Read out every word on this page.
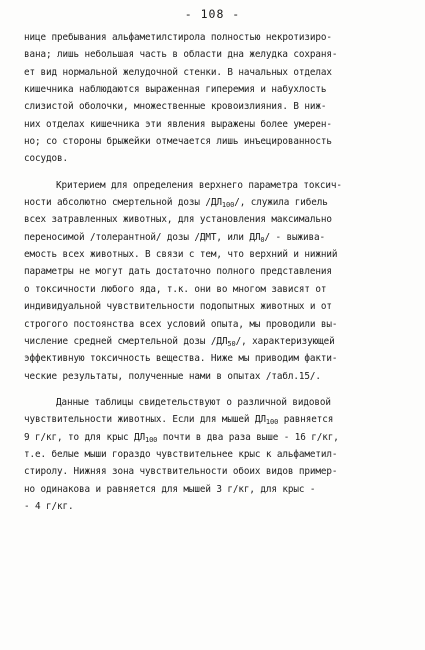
- 108 -
нице пребывания альфаметилстирола полностью некротизиро-
вана; лишь небольшая часть в области дна желудка сохраня-
ет вид нормальной желудочной стенки. В начальных отделах
кишечника наблюдаются выраженная гиперемия и набухлость
слизистой оболочки, множественные кровоизлияния. В ниж-
них отделах кишечника эти явления выражены более умерен-
но; со стороны брыжейки отмечается лишь инъецированность
сосудов.
Критерием для определения верхнего параметра токсич-
ности абсолютно смертельной дозы $/ДЛ_{100}/$, служила гибель
всех затравленных животных, для установления максимально
переносимой /толерантной/ дозы /ДМТ, или $ДЛ_0/$ - выжива-
емость всех животных. В связи с тем, что верхний и нижний
параметры не могут дать достаточно полного представления
о токсичности любого яда, т.к. они во многом зависят от
индивидуальной чувствительности подопытных животных и от
строгого постоянства всех условий опыта, мы проводили вы-
числение средней смертельной дозы $/ДЛ_{50}/$, характеризующей
эффективную токсичность вещества. Ниже мы приводим факти-
ческие результаты, полученные нами в опытах /табл.15/.
Данные таблицы свидетельствуют о различной видовой
чувствительности животных. Если для мышей $ДЛ_{100}$ равняется
9 г/кг, то для крыс $ДЛ_{100}$ почти в два раза выше - 16 г/кг,
т.е. белые мыши гораздо чувствительнее крыс к альфаметил-
стиролу. Нижняя зона чувствительности обоих видов пример-
но одинакова и равняется для мышей 3 г/кг, для крыс -
- 4 г/кг.
